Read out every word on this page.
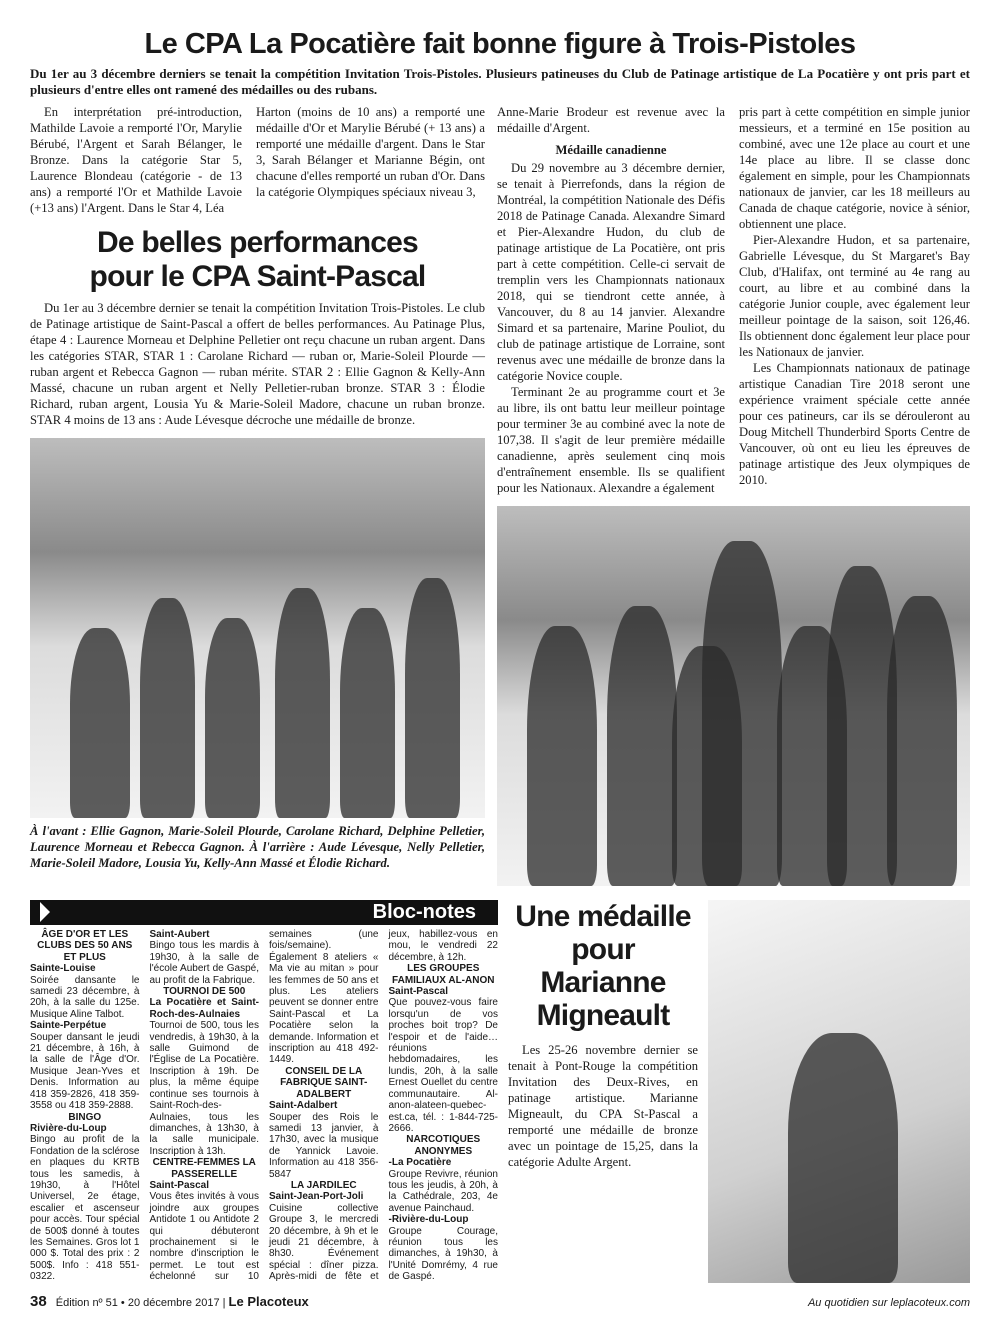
Le CPA La Pocatière fait bonne figure à Trois-Pistoles
Du 1er au 3 décembre derniers se tenait la compétition Invitation Trois-Pistoles. Plusieurs patineuses du Club de Patinage artistique de La Pocatière y ont pris part et plusieurs d'entre elles ont ramené des médailles ou des rubans.

En interprétation pré-introduction, Mathilde Lavoie a remporté l'Or, Marylie Bérubé, l'Argent et Sarah Bélanger, le Bronze. Dans la catégorie Star 5, Laurence Blondeau (catégorie - de 13 ans) a remporté l'Or et Mathilde Lavoie (+13 ans) l'Argent. Dans le Star 4, Léa

Harton (moins de 10 ans) a remporté une médaille d'Or et Marylie Bérubé (+ 13 ans) a remporté une médaille d'argent. Dans le Star 3, Sarah Bélanger et Marianne Bégin, ont chacune d'elles remporté un ruban d'Or. Dans la catégorie Olympiques spéciaux niveau 3,

De belles performances
pour le CPA Saint-Pascal

Du 1er au 3 décembre dernier se tenait la compétition Invitation Trois-Pistoles. Le club de Patinage artistique de Saint-Pascal a offert de belles performances. Au Patinage Plus, étape 4 : Laurence Morneau et Delphine Pelletier ont reçu chacune un ruban argent. Dans les catégories STAR, STAR 1 : Carolane Richard — ruban or, Marie-Soleil Plourde — ruban argent et Rebecca Gagnon — ruban mérite. STAR 2 : Ellie Gagnon & Kelly-Ann Massé, chacune un ruban argent et Nelly Pelletier-ruban bronze. STAR 3 : Élodie Richard, ruban argent, Lousia Yu & Marie-Soleil Madore, chacune un ruban bronze. STAR 4 moins de 13 ans : Aude Lévesque décroche une médaille de bronze.

À l'avant : Ellie Gagnon, Marie-Soleil Plourde, Carolane Richard, Delphine Pelletier, Laurence Morneau et Rebecca Gagnon. À l'arrière : Aude Lévesque, Nelly Pelletier, Marie-Soleil Madore, Lousia Yu, Kelly-Ann Massé et Élodie Richard.

Anne-Marie Brodeur est revenue avec la médaille d'Argent.

Médaille canadienne

Du 29 novembre au 3 décembre dernier, se tenait à Pierrefonds, dans la région de Montréal, la compétition Nationale des Défis 2018 de Patinage Canada. Alexandre Simard et Pier-Alexandre Hudon, du club de patinage artistique de La Pocatière, ont pris part à cette compétition. Celle-ci servait de tremplin vers les Championnats nationaux 2018, qui se tiendront cette année, à Vancouver, du 8 au 14 janvier. Alexandre Simard et sa partenaire, Marine Pouliot, du club de patinage artistique de Lorraine, sont revenus avec une médaille de bronze dans la catégorie Novice couple.

Terminant 2e au programme court et 3e au libre, ils ont battu leur meilleur pointage pour terminer 3e au combiné avec la note de 107,38. Il s'agit de leur première médaille canadienne, après seulement cinq mois d'entraînement ensemble. Ils se qualifient pour les Nationaux. Alexandre a également

pris part à cette compétition en simple junior messieurs, et a terminé en 15e position au combiné, avec une 12e place au court et une 14e place au libre. Il se classe donc également en simple, pour les Championnats nationaux de janvier, car les 18 meilleurs au Canada de chaque catégorie, novice à sénior, obtiennent une place.

Pier-Alexandre Hudon, et sa partenaire, Gabrielle Lévesque, du St Margaret's Bay Club, d'Halifax, ont terminé au 4e rang au court, au libre et au combiné dans la catégorie Junior couple, avec également leur meilleur pointage de la saison, soit 126,46. Ils obtiennent donc également leur place pour les Nationaux de janvier.

Les Championnats nationaux de patinage artistique Canadian Tire 2018 seront une expérience vraiment spéciale cette année pour ces patineurs, car ils se dérouleront au Doug Mitchell Thunderbird Sports Centre de Vancouver, où ont eu lieu les épreuves de patinage artistique des Jeux olympiques de 2010.

Bloc-notes
ÂGE D'OR ET LES CLUBS DES 50 ANS ET PLUS
Sainte-Louise
Soirée dansante le samedi 23 décembre, à 20h, à la salle du 125e. Musique Aline Talbot.
Sainte-Perpétue
Souper dansant le jeudi 21 décembre, à 16h, à la salle de l'Âge d'Or. Musique Jean-Yves et Denis. Information au 418 359-2826, 418 359-3558 ou 418 359-2888.
BINGO
Rivière-du-Loup
Bingo au profit de la Fondation de la sclérose en plaques du KRTB tous les samedis, à 19h30, à l'Hôtel Universel, 2e étage, escalier et ascenseur pour accès. Tour spécial de 500$ donné à toutes les Semaines. Gros lot 1 000 $. Total des prix : 2 500$. Info : 418 551-0322.
Saint-Aubert
Bingo tous les mardis à 19h30, à la salle de l'école Aubert de Gaspé, au profit de la Fabrique.
TOURNOI DE 500
La Pocatière et Saint-Roch-des-Aulnaies
Tournoi de 500, tous les vendredis, à 19h30, à la salle Guimond de l'Église de La Pocatière. Inscription à 19h. De plus, la même équipe continue ses tournois à Saint-Roch-des-Aulnaies, tous les dimanches, à 13h30, à la salle municipale. Inscription à 13h.
CENTRE-FEMMES LA PASSERELLE
Saint-Pascal
Vous êtes invités à vous joindre aux groupes Antidote 1 ou Antidote 2 qui débuteront prochainement si le nombre d'inscription le permet. Le tout est échelonné sur 10 semaines (une fois/semaine). Également 8 ateliers « Ma vie au mitan » pour les femmes de 50 ans et plus. Les ateliers peuvent se donner entre Saint-Pascal et La Pocatière selon la demande. Information et inscription au 418 492-1449.
CONSEIL DE LA FABRIQUE SAINT-ADALBERT
Saint-Adalbert
Souper des Rois le samedi 13 janvier, à 17h30, avec la musique de Yannick Lavoie. Information au 418 356-5847
LA JARDILEC
Saint-Jean-Port-Joli
Cuisine collective Groupe 3, le mercredi 20 décembre, à 9h et le jeudi 21 décembre, à 8h30. Événement spécial : dîner pizza. Après-midi de fête et jeux, habillez-vous en mou, le vendredi 22 décembre, à 12h.
LES GROUPES FAMILIAUX AL-ANON
Saint-Pascal
Que pouvez-vous faire lorsqu'un de vos proches boit trop? De l'espoir et de l'aide… réunions hebdomadaires, les lundis, 20h, à la salle Ernest Ouellet du centre communautaire. Al-anon-alateen-quebec-est.ca, tél. : 1-844-725-2666.
NARCOTIQUES ANONYMES
-La Pocatière
Groupe Revivre, réunion tous les jeudis, à 20h, à la Cathédrale, 203, 4e avenue Painchaud.
-Rivière-du-Loup
Groupe Courage, réunion tous les dimanches, à 19h30, à l'Unité Domrémy, 4 rue de Gaspé.
Une médaille pour Marianne Migneault

Les 25-26 novembre dernier se tenait à Pont-Rouge la compétition Invitation des Deux-Rives, en patinage artistique. Marianne Migneault, du CPA St-Pascal a remporté une médaille de bronze avec un pointage de 15,25, dans la catégorie Adulte Argent.

38 Édition nº 51 • 20 décembre 2017 | Le Placoteux	Au quotidien sur leplacoteux.com
